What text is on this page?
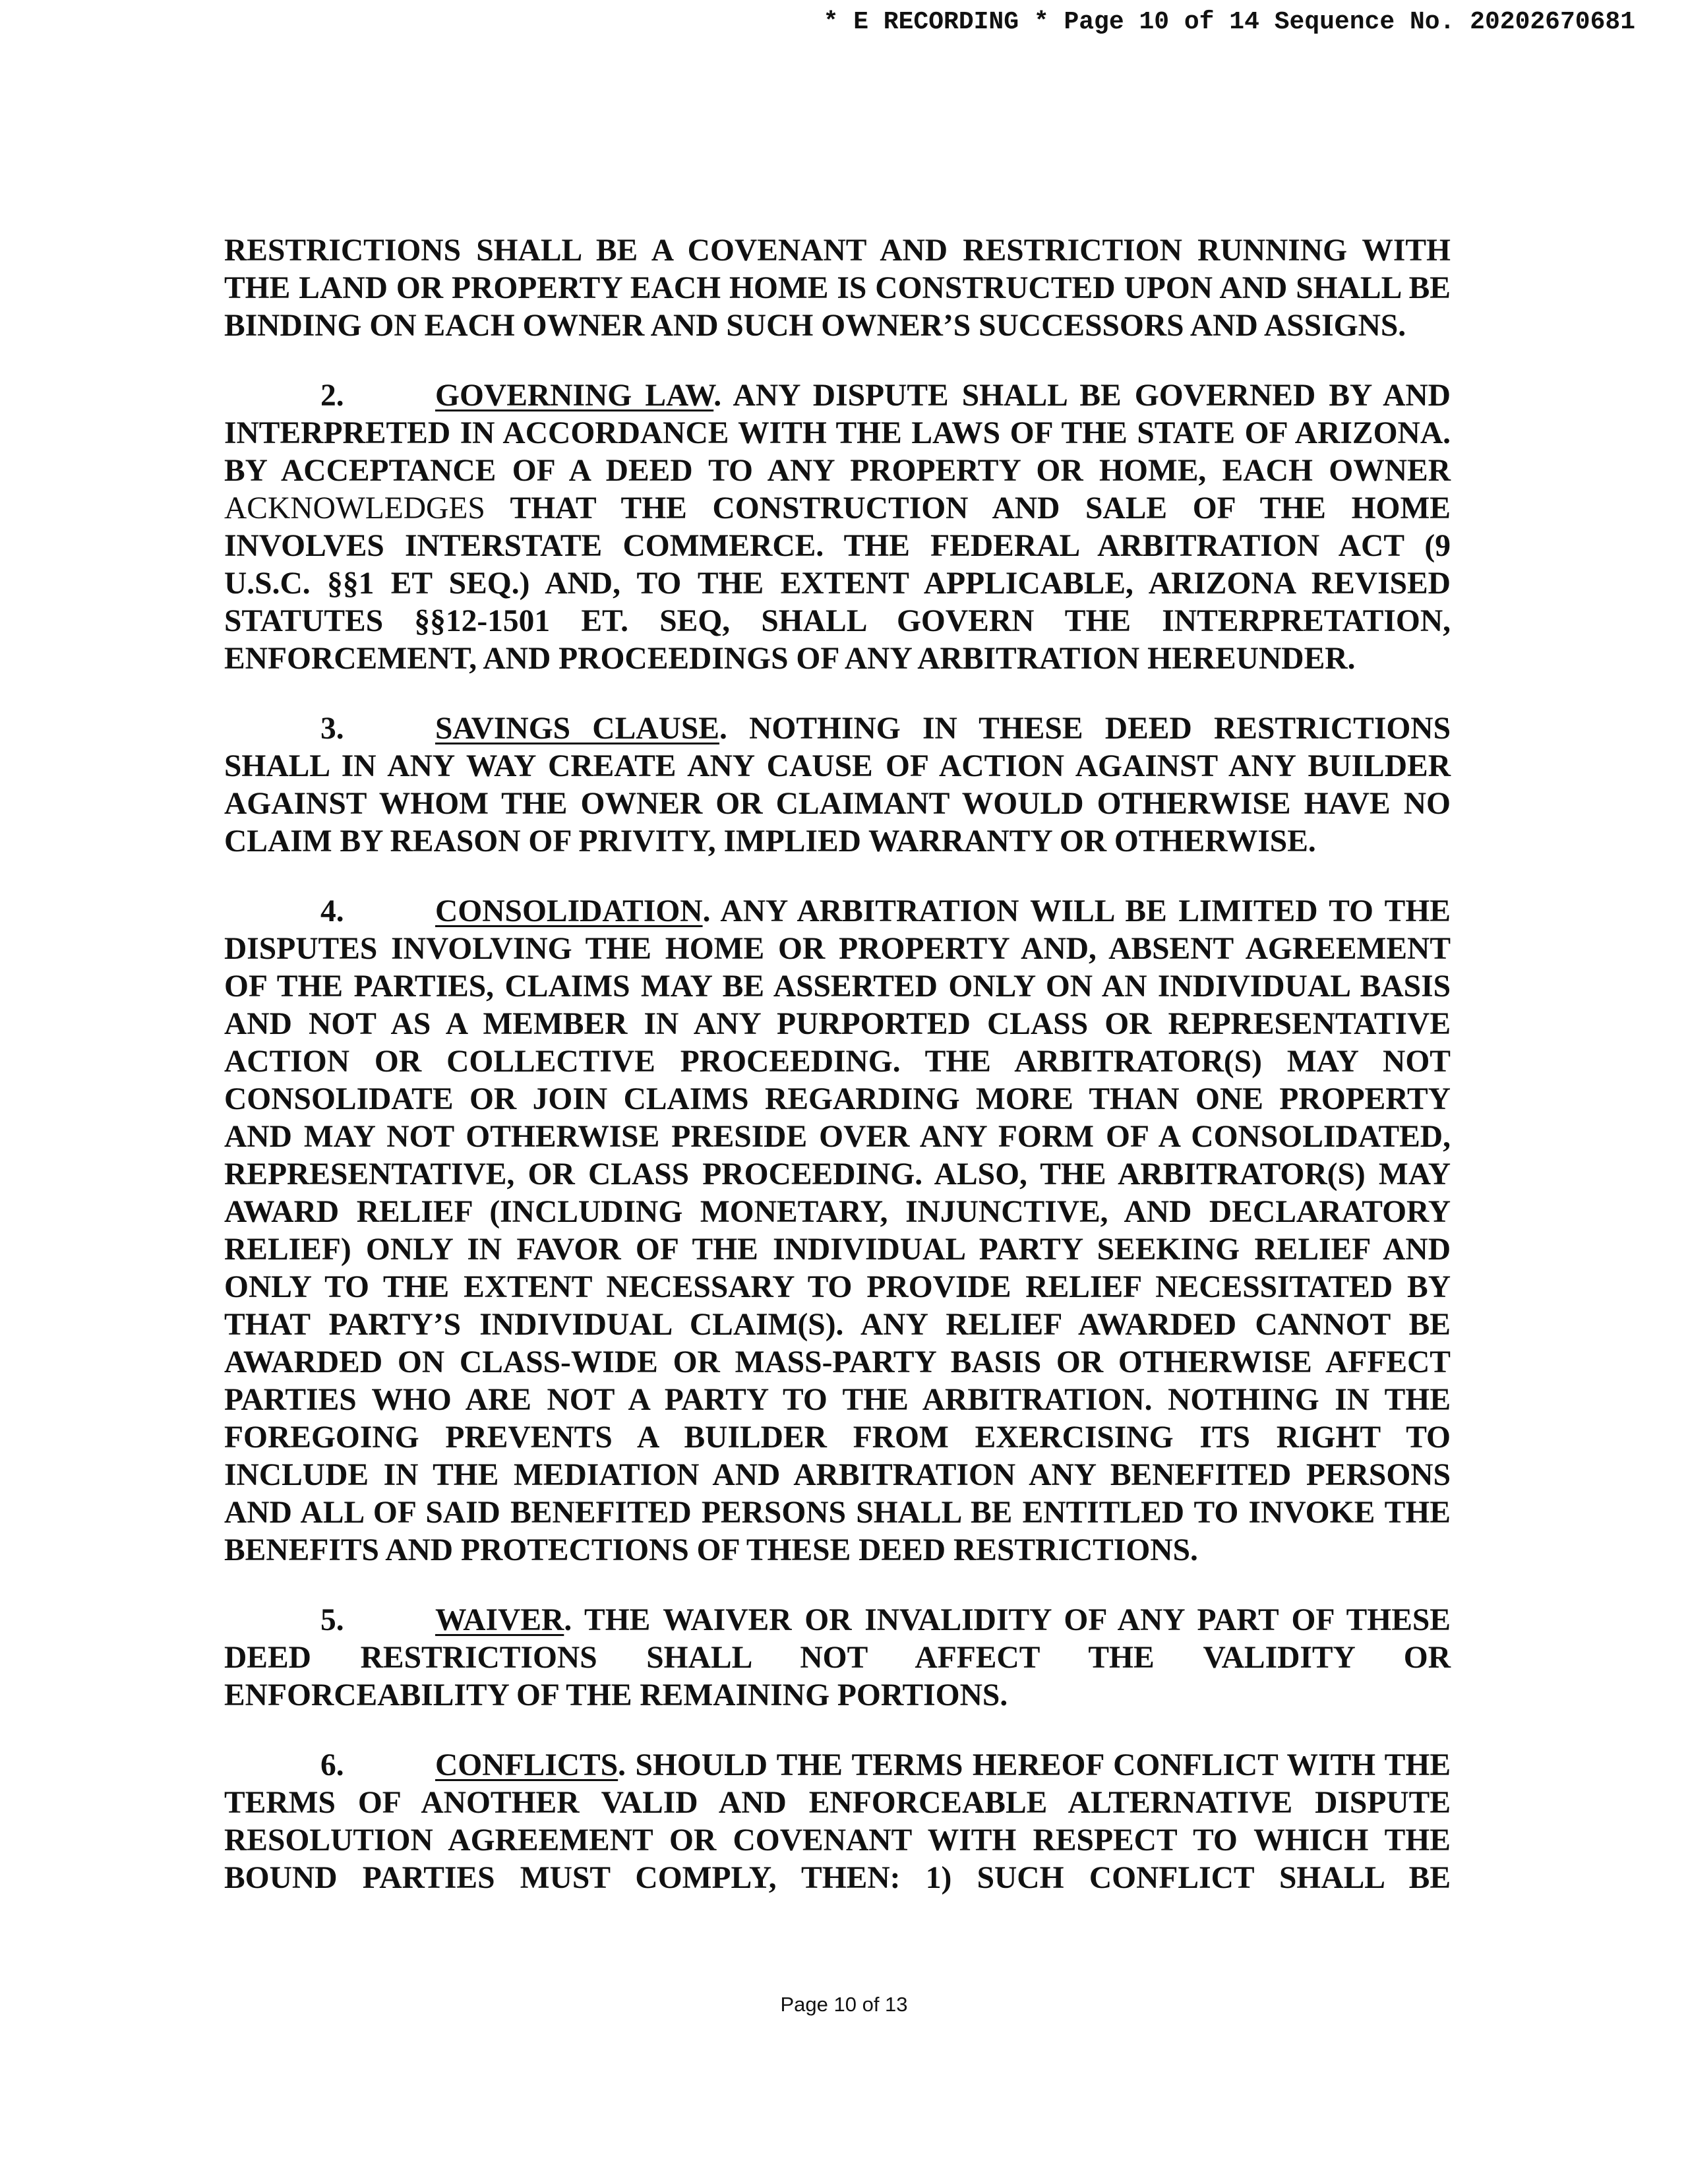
* E RECORDING * Page 10 of 14 Sequence No. 20202670681

RESTRICTIONS SHALL BE A COVENANT AND RESTRICTION RUNNING WITH THE LAND OR PROPERTY EACH HOME IS CONSTRUCTED UPON AND SHALL BE BINDING ON EACH OWNER AND SUCH OWNER’S SUCCESSORS AND ASSIGNS.

2.	GOVERNING LAW. ANY DISPUTE SHALL BE GOVERNED BY AND INTERPRETED IN ACCORDANCE WITH THE LAWS OF THE STATE OF ARIZONA. BY ACCEPTANCE OF A DEED TO ANY PROPERTY OR HOME, EACH OWNER ACKNOWLEDGES THAT THE CONSTRUCTION AND SALE OF THE HOME INVOLVES INTERSTATE COMMERCE. THE FEDERAL ARBITRATION ACT (9 U.S.C. §§1 ET SEQ.) AND, TO THE EXTENT APPLICABLE, ARIZONA REVISED STATUTES §§12-1501 ET. SEQ, SHALL GOVERN THE INTERPRETATION, ENFORCEMENT, AND PROCEEDINGS OF ANY ARBITRATION HEREUNDER.

3.	SAVINGS CLAUSE. NOTHING IN THESE DEED RESTRICTIONS SHALL IN ANY WAY CREATE ANY CAUSE OF ACTION AGAINST ANY BUILDER AGAINST WHOM THE OWNER OR CLAIMANT WOULD OTHERWISE HAVE NO CLAIM BY REASON OF PRIVITY, IMPLIED WARRANTY OR OTHERWISE.

4.	CONSOLIDATION. ANY ARBITRATION WILL BE LIMITED TO THE DISPUTES INVOLVING THE HOME OR PROPERTY AND, ABSENT AGREEMENT OF THE PARTIES, CLAIMS MAY BE ASSERTED ONLY ON AN INDIVIDUAL BASIS AND NOT AS A MEMBER IN ANY PURPORTED CLASS OR REPRESENTATIVE ACTION OR COLLECTIVE PROCEEDING. THE ARBITRATOR(S) MAY NOT CONSOLIDATE OR JOIN CLAIMS REGARDING MORE THAN ONE PROPERTY AND MAY NOT OTHERWISE PRESIDE OVER ANY FORM OF A CONSOLIDATED, REPRESENTATIVE, OR CLASS PROCEEDING. ALSO, THE ARBITRATOR(S) MAY AWARD RELIEF (INCLUDING MONETARY, INJUNCTIVE, AND DECLARATORY RELIEF) ONLY IN FAVOR OF THE INDIVIDUAL PARTY SEEKING RELIEF AND ONLY TO THE EXTENT NECESSARY TO PROVIDE RELIEF NECESSITATED BY THAT PARTY’S INDIVIDUAL CLAIM(S). ANY RELIEF AWARDED CANNOT BE AWARDED ON CLASS-WIDE OR MASS-PARTY BASIS OR OTHERWISE AFFECT PARTIES WHO ARE NOT A PARTY TO THE ARBITRATION. NOTHING IN THE FOREGOING PREVENTS A BUILDER FROM EXERCISING ITS RIGHT TO INCLUDE IN THE MEDIATION AND ARBITRATION ANY BENEFITED PERSONS AND ALL OF SAID BENEFITED PERSONS SHALL BE ENTITLED TO INVOKE THE BENEFITS AND PROTECTIONS OF THESE DEED RESTRICTIONS.

5.	WAIVER. THE WAIVER OR INVALIDITY OF ANY PART OF THESE DEED RESTRICTIONS SHALL NOT AFFECT THE VALIDITY OR ENFORCEABILITY OF THE REMAINING PORTIONS.

6.	CONFLICTS. SHOULD THE TERMS HEREOF CONFLICT WITH THE TERMS OF ANOTHER VALID AND ENFORCEABLE ALTERNATIVE DISPUTE RESOLUTION AGREEMENT OR COVENANT WITH RESPECT TO WHICH THE BOUND PARTIES MUST COMPLY, THEN: 1) SUCH CONFLICT SHALL BE

Page 10 of 13
